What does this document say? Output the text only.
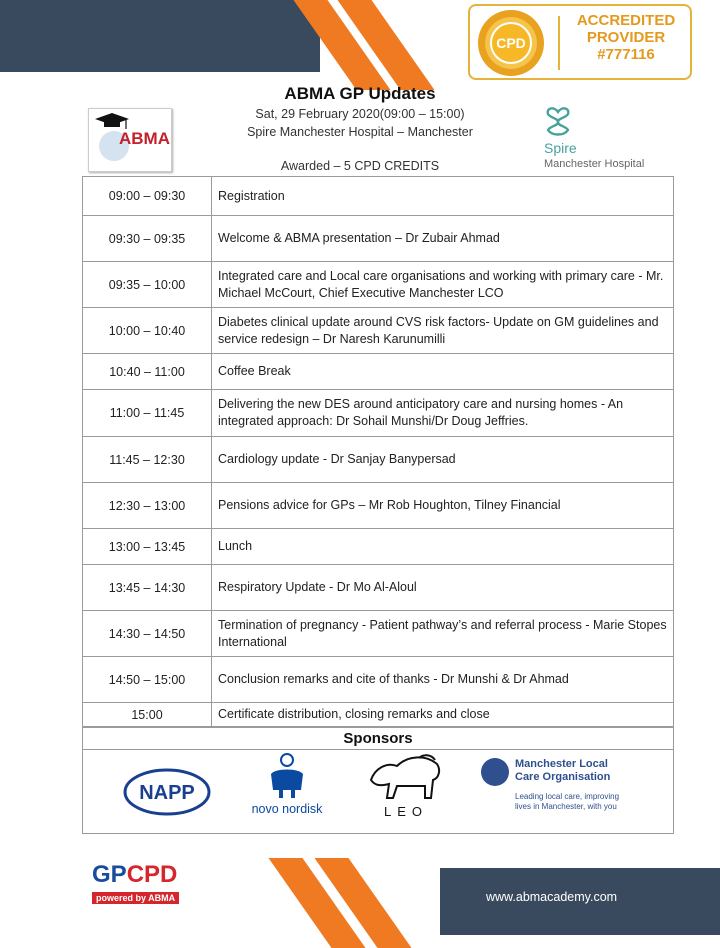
CPD
ACCREDITED
PROVIDER
#777116
ABMA
ABMA GP Updates
Sat, 29 February 2020(09:00 – 15:00)
Spire Manchester Hospital – Manchester
Awarded – 5 CPD CREDITS
Spire
Manchester Hospital
09:00 – 09:30	Registration
09:30 – 09:35	Welcome & ABMA presentation – Dr Zubair Ahmad
09:35 – 10:00	Integrated care and Local care organisations and working with primary care - Mr. Michael McCourt, Chief Executive Manchester LCO
10:00 – 10:40	Diabetes clinical update around CVS risk factors- Update on GM guidelines and service redesign – Dr Naresh Karunumilli
10:40 – 11:00	Coffee Break
11:00 – 11:45	Delivering the new DES around anticipatory care and nursing homes - An integrated approach: Dr Sohail Munshi/Dr Doug Jeffries.
11:45 – 12:30	Cardiology update - Dr Sanjay Banypersad
12:30 – 13:00	Pensions advice for GPs – Mr Rob Houghton, Tilney Financial
13:00 – 13:45	Lunch
13:45 – 14:30	Respiratory Update - Dr Mo Al-Aloul
14:30 – 14:50	Termination of pregnancy - Patient pathway’s and referral process - Marie Stopes International
14:50 – 15:00	Conclusion remarks and cite of thanks - Dr Munshi & Dr Ahmad
15:00	Certificate distribution, closing remarks and close
Sponsors
NAPP
novo nordisk	LEO
Manchester Local Care Organisation
Leading local care, improving lives in Manchester, with you
GPCPD
powered by ABMA	www.abmacademy.com
